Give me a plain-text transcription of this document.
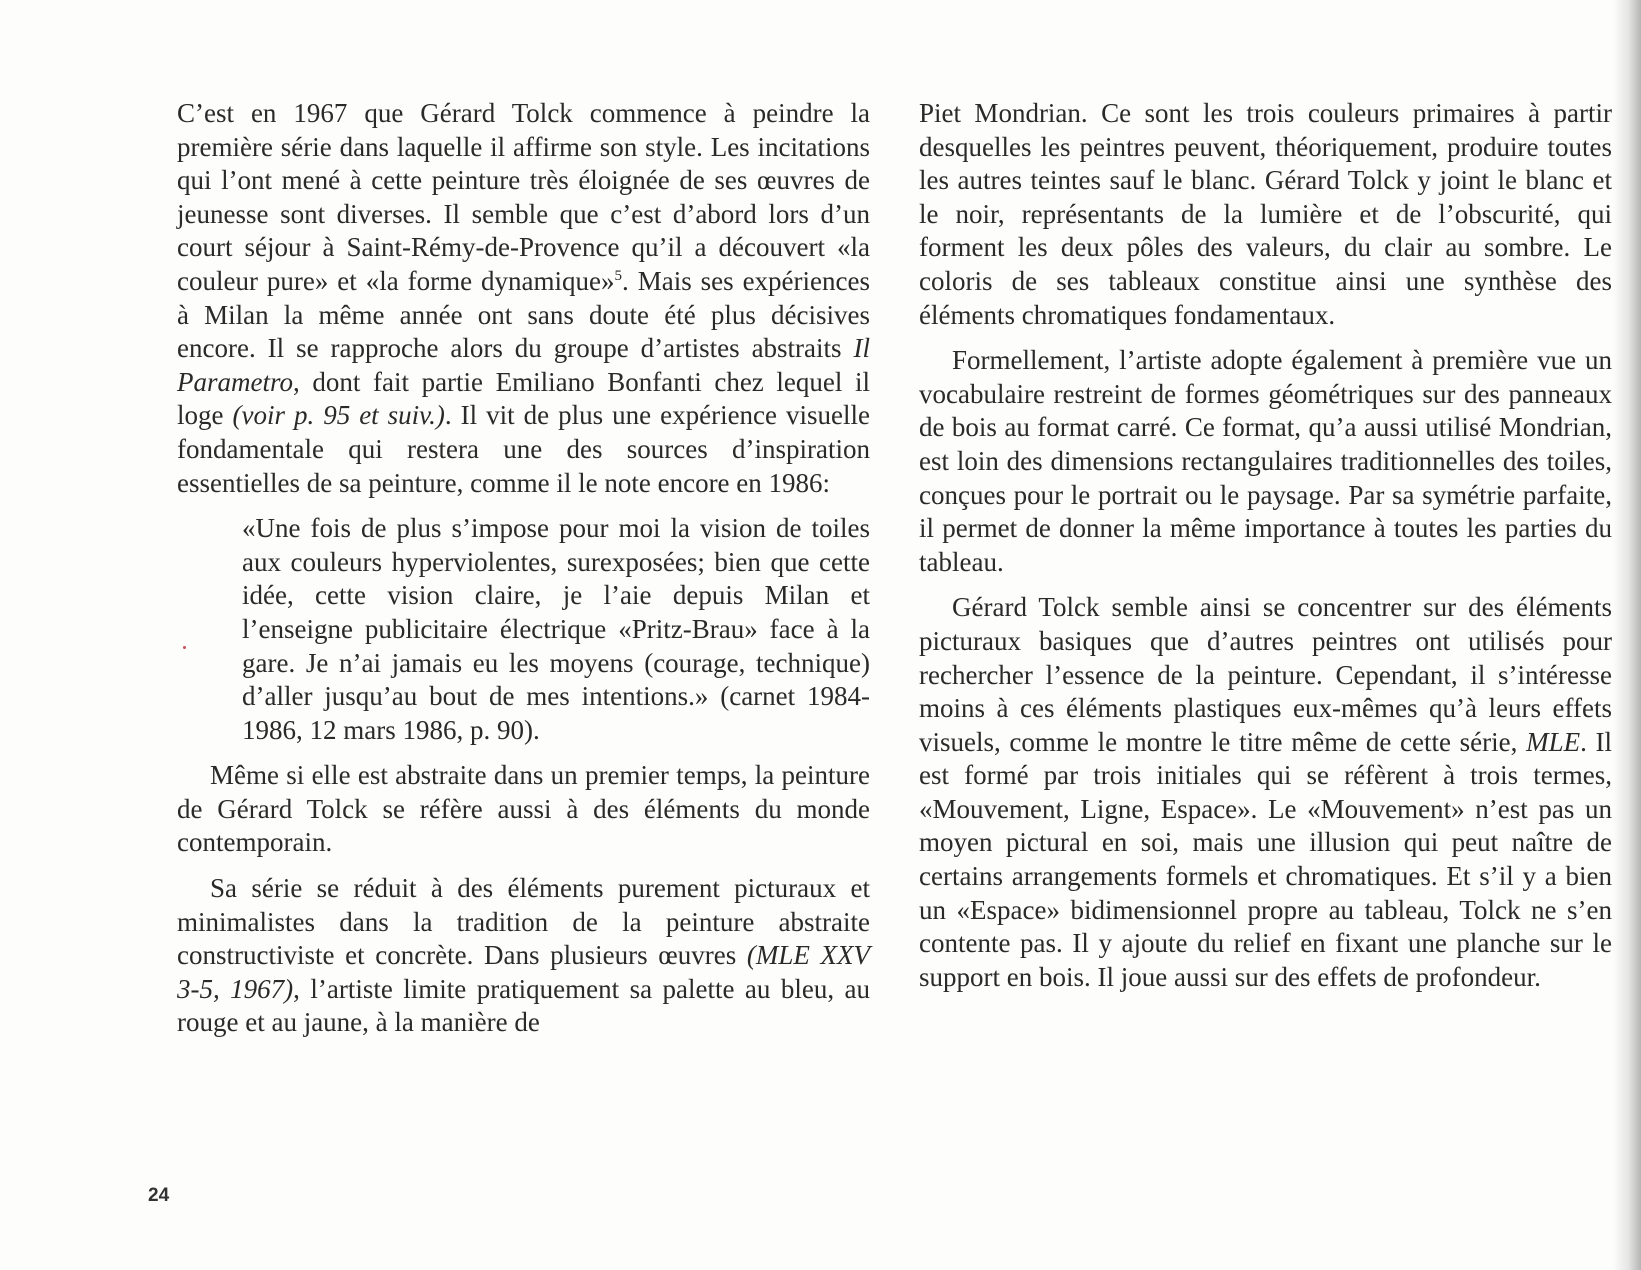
C’est en 1967 que Gérard Tolck commence à peindre la première série dans laquelle il affirme son style. Les incitations qui l’ont mené à cette peinture très éloignée de ses œuvres de jeunesse sont diverses. Il semble que c’est d’abord lors d’un court séjour à Saint-Rémy-de-Provence qu’il a découvert «la couleur pure» et «la forme dynamique»$^5$. Mais ses expériences à Milan la même année ont sans doute été plus décisives encore. Il se rapproche alors du groupe d’artistes abstraits Il Parametro, dont fait partie Emiliano Bonfanti chez lequel il loge (voir p. 95 et suiv.). Il vit de plus une expérience visuelle fondamentale qui restera une des sources d’inspiration essentielles de sa peinture, comme il le note encore en 1986:

«Une fois de plus s’impose pour moi la vision de toiles aux couleurs hyperviolentes, surexposées; bien que cette idée, cette vision claire, je l’aie depuis Milan et l’enseigne publicitaire électrique «Pritz-Brau» face à la gare. Je n’ai jamais eu les moyens (courage, technique) d’aller jusqu’au bout de mes intentions.» (carnet 1984-1986, 12 mars 1986, p. 90).

Même si elle est abstraite dans un premier temps, la peinture de Gérard Tolck se réfère aussi à des éléments du monde contemporain.

Sa série se réduit à des éléments purement picturaux et minimalistes dans la tradition de la peinture abstraite constructiviste et concrète. Dans plusieurs œuvres (MLE XXV 3-5, 1967), l’artiste limite pratiquement sa palette au bleu, au rouge et au jaune, à la manière de

Piet Mondrian. Ce sont les trois couleurs primaires à partir desquelles les peintres peuvent, théoriquement, produire toutes les autres teintes sauf le blanc. Gérard Tolck y joint le blanc et le noir, représentants de la lumière et de l’obscurité, qui forment les deux pôles des valeurs, du clair au sombre. Le coloris de ses tableaux constitue ainsi une synthèse des éléments chromatiques fondamentaux.

Formellement, l’artiste adopte également à première vue un vocabulaire restreint de formes géométriques sur des panneaux de bois au format carré. Ce format, qu’a aussi utilisé Mondrian, est loin des dimensions rectangulaires traditionnelles des toiles, conçues pour le portrait ou le paysage. Par sa symétrie parfaite, il permet de donner la même importance à toutes les parties du tableau.

Gérard Tolck semble ainsi se concentrer sur des éléments picturaux basiques que d’autres peintres ont utilisés pour rechercher l’essence de la peinture. Cependant, il s’intéresse moins à ces éléments plastiques eux-mêmes qu’à leurs effets visuels, comme le montre le titre même de cette série, MLE. Il est formé par trois initiales qui se réfèrent à trois termes, «Mouvement, Ligne, Espace». Le «Mouvement» n’est pas un moyen pictural en soi, mais une illusion qui peut naître de certains arrangements formels et chromatiques. Et s’il y a bien un «Espace» bidimensionnel propre au tableau, Tolck ne s’en contente pas. Il y ajoute du relief en fixant une planche sur le support en bois. Il joue aussi sur des effets de profondeur.

24
